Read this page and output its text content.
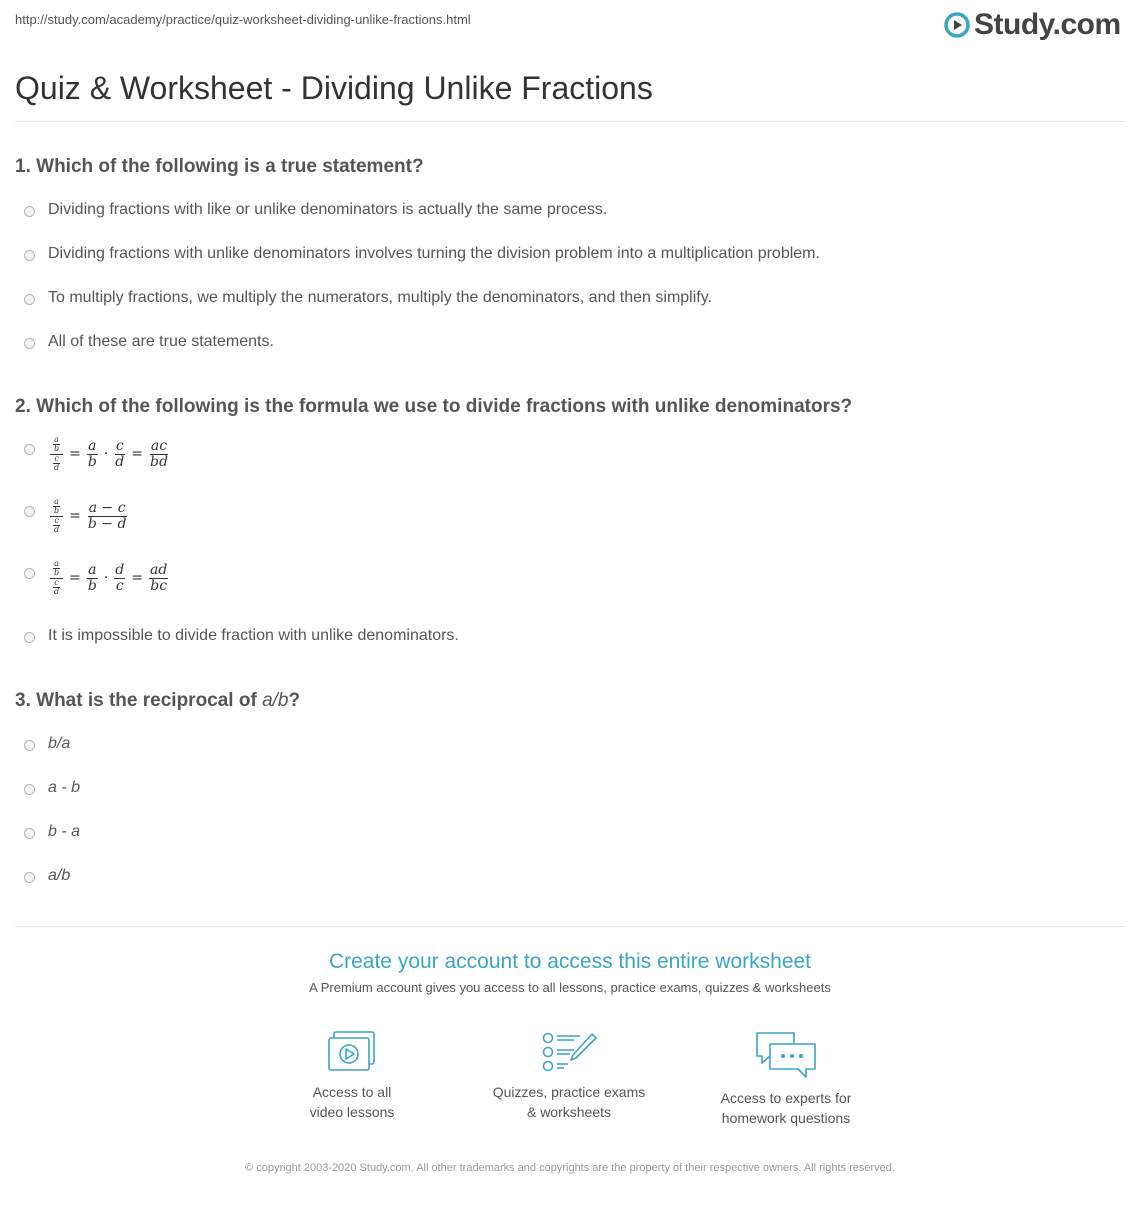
http://study.com/academy/practice/quiz-worksheet-dividing-unlike-fractions.html	Study.com
Quiz & Worksheet - Dividing Unlike Fractions

1. Which of the following is a true statement?

Dividing fractions with like or unlike denominators is actually the same process.
Dividing fractions with unlike denominators involves turning the division problem into a multiplication problem.
To multiply fractions, we multiply the numerators, multiply the denominators, and then simplify.
All of these are true statements.

2. Which of the following is the formula we use to divide fractions with unlike denominators?

$\frac{\frac{a}{b}}{\frac{c}{d}} = \frac{a}{b} \cdot \frac{c}{d} = \frac{ac}{bd}$
$\frac{\frac{a}{b}}{\frac{c}{d}} = \frac{a - c}{b - d}$
$\frac{\frac{a}{b}}{\frac{c}{d}} = \frac{a}{b} \cdot \frac{d}{c} = \frac{ad}{bc}$
It is impossible to divide fraction with unlike denominators.

3. What is the reciprocal of a/b?

b/a
a - b
b - a
a/b
Create your account to access this entire worksheet
A Premium account gives you access to all lessons, practice exams, quizzes & worksheets
Access to all
video lessons
Quizzes, practice exams
& worksheets
Access to experts for
homework questions
© copyright 2003-2020 Study.com. All other trademarks and copyrights are the property of their respective owners. All rights reserved.
